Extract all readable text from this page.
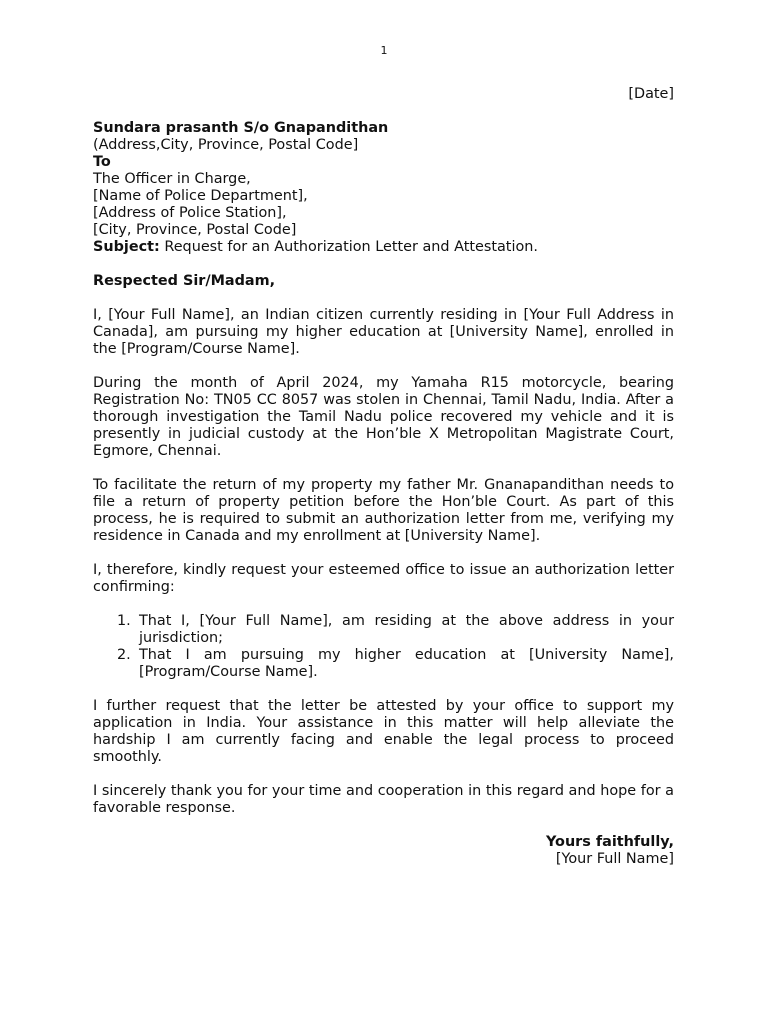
1

[Date]

Sundara prasanth S/o Gnapandithan
(Address,City, Province, Postal Code]
To
The Officer in Charge,
[Name of Police Department],
[Address of Police Station],
[City, Province, Postal Code]

Subject: Request for an Authorization Letter and Attestation.

Respected Sir/Madam,

I, [Your Full Name], an Indian citizen currently residing in [Your Full Address in Canada], am pursuing my higher education at [University Name], enrolled in the [Program/Course Name].

During the month of April 2024, my Yamaha R15 motorcycle, bearing Registration No: TN05 CC 8057 was stolen in Chennai, Tamil Nadu, India. After a thorough investigation the Tamil Nadu police recovered my vehicle and it is presently in judicial custody at the Hon’ble X Metropolitan Magistrate Court, Egmore, Chennai.

To facilitate the return of my property my father Mr. Gnanapandithan needs to file a return of property petition before the Hon’ble Court. As part of this process, he is required to submit an authorization letter from me, verifying my residence in Canada and my enrollment at [University Name].

I, therefore, kindly request your esteemed office to issue an authorization letter confirming:

1. That I, [Your Full Name], am residing at the above address in your jurisdiction;
2. That I am pursuing my higher education at [University Name], [Program/Course Name].

I further request that the letter be attested by your office to support my application in India. Your assistance in this matter will help alleviate the hardship I am currently facing and enable the legal process to proceed smoothly.

I sincerely thank you for your time and cooperation in this regard and hope for a favorable response.

Yours faithfully,
[Your Full Name]
